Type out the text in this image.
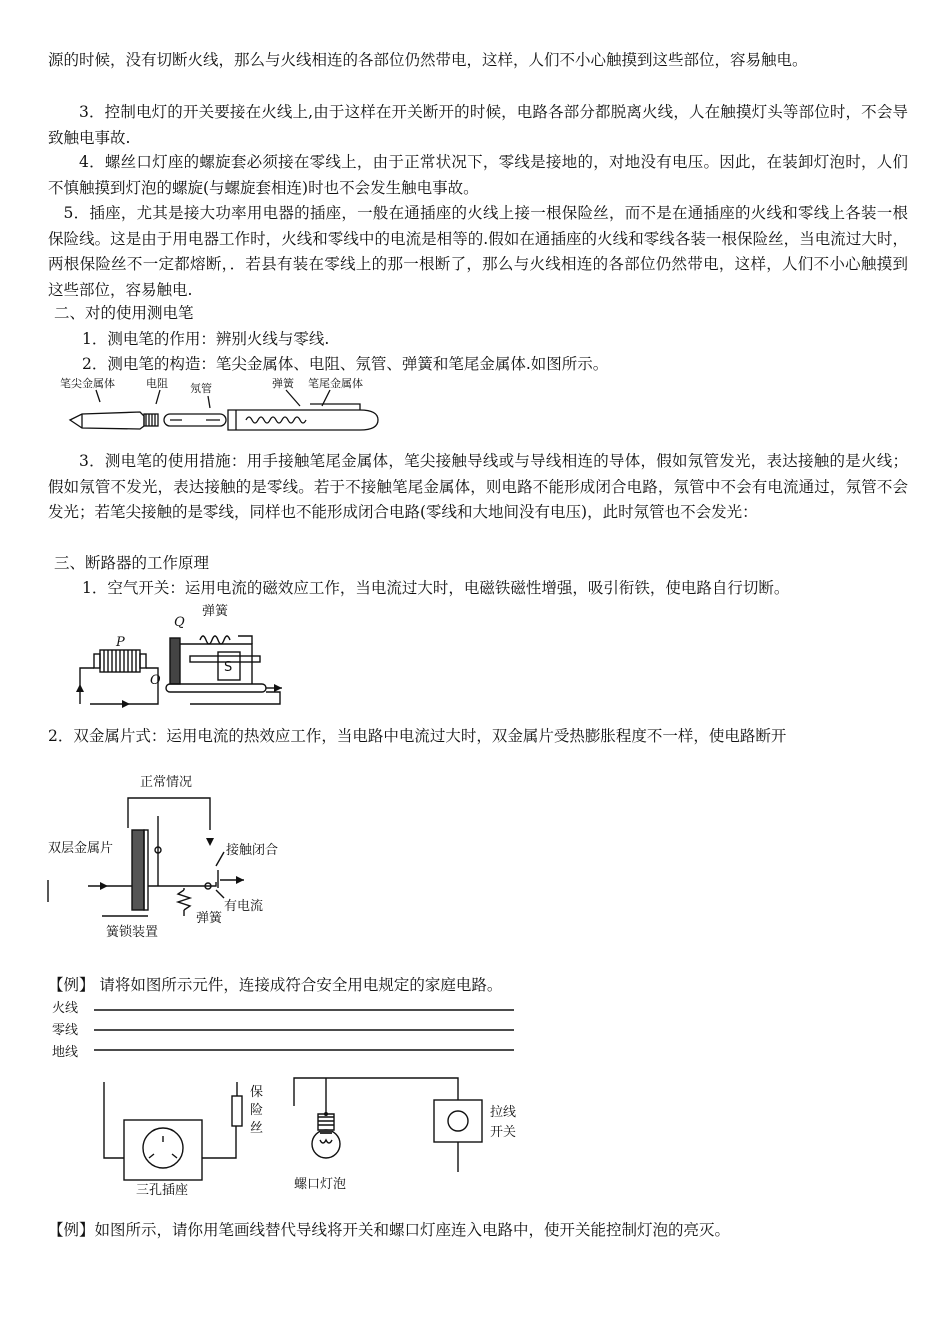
源的时候，没有切断火线，那么与火线相连的各部位仍然带电，这样，人们不小心触摸到这些部位，容易触电。

3．控制电灯的开关要接在火线上,由于这样在开关断开的时候，电路各部分都脱离火线，人在触摸灯头等部位时，不会导致触电事故.

4．螺丝口灯座的螺旋套必须接在零线上，由于正常状况下，零线是接地的，对地没有电压。因此，在装卸灯泡时，人们不慎触摸到灯泡的螺旋(与螺旋套相连)时也不会发生触电事故。

5．插座，尤其是接大功率用电器的插座，一般在通插座的火线上接一根保险丝，而不是在通插座的火线和零线上各装一根保险线。这是由于用电器工作时，火线和零线中的电流是相等的.假如在通插座的火线和零线各装一根保险丝，当电流过大时，两根保险丝不一定都熔断，．若县有装在零线上的那一根断了，那么与火线相连的各部位仍然带电，这样，人们不小心触摸到这些部位，容易触电.

二、对的使用测电笔
1．测电笔的作用：辨别火线与零线.
2．测电笔的构造：笔尖金属体、电阻、氖管、弹簧和笔尾金属体.如图所示。
笔尖金属体	电阻 氖管	弹簧 笔尾金属体

3．测电笔的使用措施：用手接触笔尾金属体，笔尖接触导线或与导线相连的导体，假如氖管发光，表达接触的是火线；假如氖管不发光，表达接触的是零线。若于不接触笔尾金属体，则电路不能形成闭合电路，氖管中不会有电流通过，氖管不会发光；若笔尖接触的是零线，同样也不能形成闭合电路(零线和大地间没有电压)，此时氖管也不会发光：

三、断路器的工作原理
1．空气开关：运用电流的磁效应工作，当电流过大时，电磁铁磁性增强，吸引衔铁，使电路自行切断。
弹簧
P
Q
O
S

2．双金属片式：运用电流的热效应工作，当电路中电流过大时，双金属片受热膨胀程度不一样，使电路断开

正常情况
双层金属片	接触闭合
有电流
弹簧
簧锁装置
【例】 请将如图所示元件，连接成符合安全用电规定的家庭电路。
火线
零线
地线
保
险
丝
三孔插座	螺口灯泡
拉线
开关
【例】如图所示，请你用笔画线替代导线将开关和螺口灯座连入电路中，使开关能控制灯泡的亮灭。
